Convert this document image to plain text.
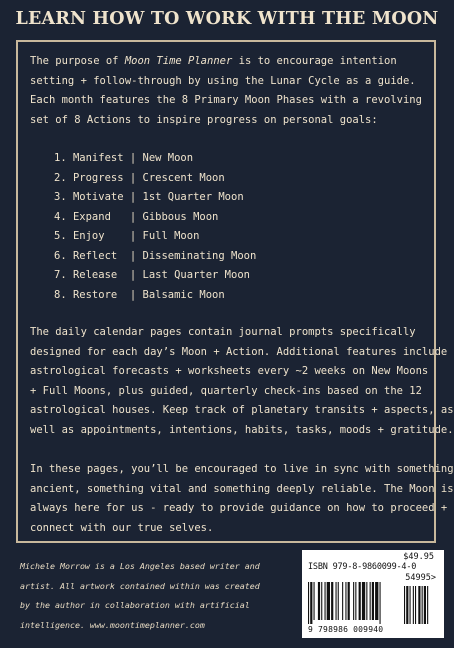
LEARN HOW TO WORK WITH THE MOON
The purpose of Moon Time Planner is to encourage intention
setting + follow-through by using the Lunar Cycle as a guide.
Each month features the 8 Primary Moon Phases with a revolving
set of 8 Actions to inspire progress on personal goals:
1. Manifest | New Moon
2. Progress | Crescent Moon
3. Motivate | 1st Quarter Moon
4. Expand   | Gibbous Moon
5. Enjoy    | Full Moon
6. Reflect  | Disseminating Moon
7. Release  | Last Quarter Moon
8. Restore  | Balsamic Moon
The daily calendar pages contain journal prompts specifically
designed for each day’s Moon + Action. Additional features include
astrological forecasts + worksheets every ~2 weeks on New Moons
+ Full Moons, plus guided, quarterly check-ins based on the 12
astrological houses. Keep track of planetary transits + aspects, as
well as appointments, intentions, habits, tasks, moods + gratitude.
In these pages, you’ll be encouraged to live in sync with something
ancient, something vital and something deeply reliable. The Moon is
always here for us - ready to provide guidance on how to proceed +
connect with our true selves.
Michele Morrow is a Los Angeles based writer and
artist. All artwork contained within was created
by the author in collaboration with artificial
intelligence. www.moontimeplanner.com
$49.95
ISBN 979-8-9860099-4-0
54995>
9 798986 009940
